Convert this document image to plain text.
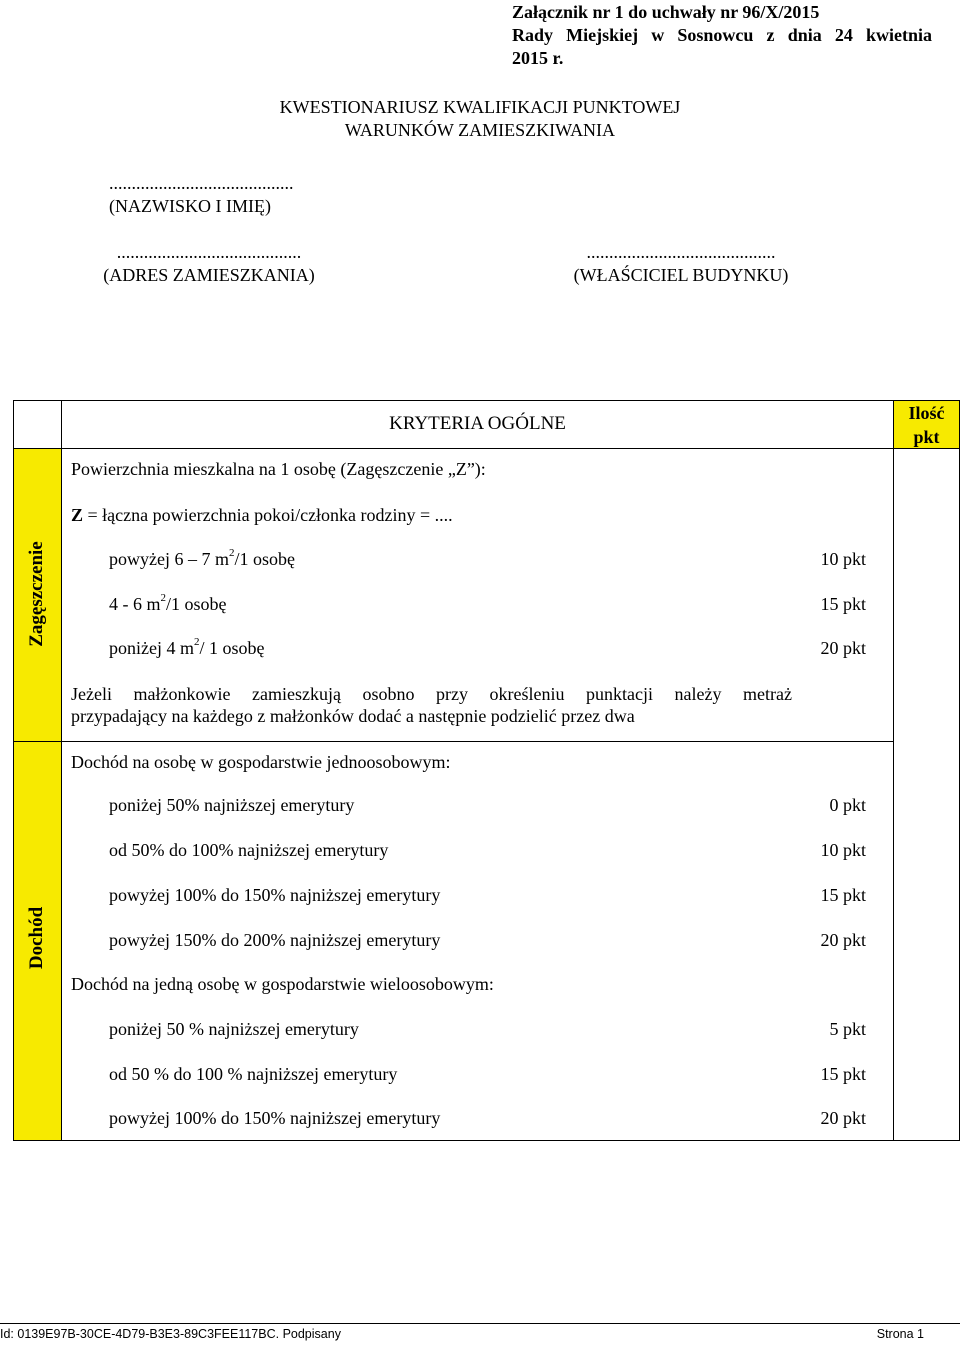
Załącznik nr 1 do uchwały nr 96/X/2015
Rady Miejskiej w Sosnowcu z dnia 24 kwietnia
2015 r.
KWESTIONARIUSZ KWALIFIKACJI PUNKTOWEJ
WARUNKÓW ZAMIESZKIWANIA
.........................................
(NAZWISKO I IMIĘ)
.........................................
(ADRES ZAMIESZKANIA)
..........................................
(WŁAŚCICIEL BUDYNKU)
KRYTERIA OGÓLNE	Ilość
pkt
Zagęszczenie
Dochód
Powierzchnia mieszkalna na 1 osobę (Zagęszczenie „Z”):
Z = łączna powierzchnia pokoi/członka rodziny = ....
powyżej 6 – 7 $m^2/1$ osobę	10 pkt
4 - 6 $m^2/1$ osobę	15 pkt
poniżej 4 $m^2/$ 1 osobę	20 pkt
Jeżeli małżonkowie zamieszkują osobno przy określeniu punktacji należy metraż
przypadający na każdego z małżonków dodać a następnie podzielić przez dwa
Dochód na osobę w gospodarstwie jednoosobowym:
poniżej 50% najniższej emerytury	0 pkt
od 50% do 100% najniższej emerytury	10 pkt
powyżej 100% do 150% najniższej emerytury	15 pkt
powyżej 150% do 200% najniższej emerytury	20 pkt
Dochód na jedną osobę w gospodarstwie wieloosobowym:
poniżej 50 % najniższej emerytury	5 pkt
od 50 % do 100 % najniższej emerytury	15 pkt
powyżej 100% do 150% najniższej emerytury	20 pkt
Id: 0139E97B-30CE-4D79-B3E3-89C3FEE117BC. Podpisany	Strona 1
